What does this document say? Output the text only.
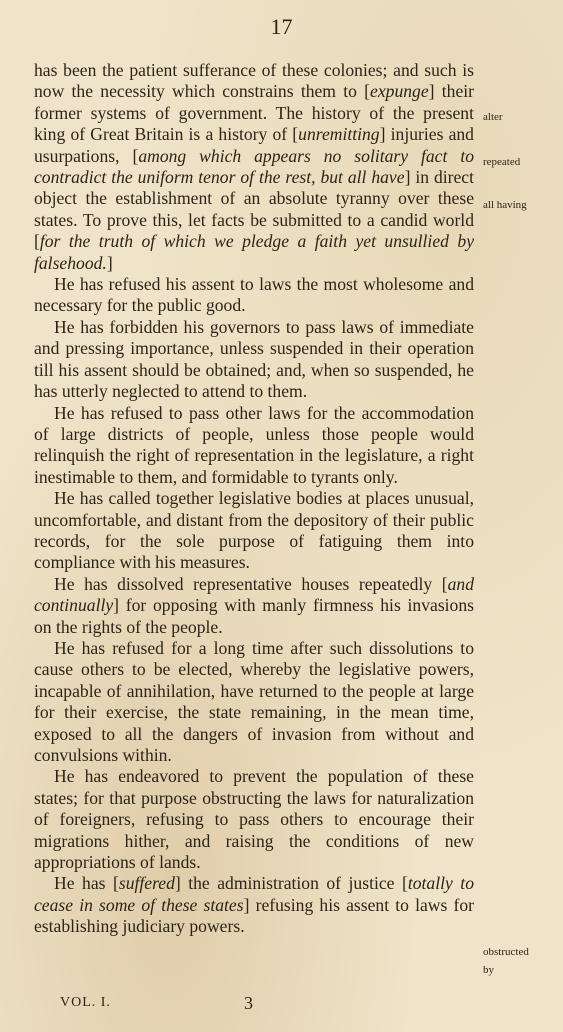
17

has been the patient sufferance of these colonies; and such is now the necessity which constrains them to [expunge] their former systems of government. The history of the present king of Great Britain is a history of [unremitting] injuries and usurpations, [among which appears no solitary fact to contradict the uniform tenor of the rest, but all have] in direct object the establishment of an absolute tyranny over these states. To prove this, let facts be submitted to a candid world [for the truth of which we pledge a faith yet unsullied by falsehood.]

He has refused his assent to laws the most wholesome and necessary for the public good.

He has forbidden his governors to pass laws of immediate and pressing importance, unless suspended in their operation till his assent should be obtained; and, when so suspended, he has utterly neglected to attend to them.

He has refused to pass other laws for the accommodation of large districts of people, unless those people would relinquish the right of representation in the legislature, a right inestimable to them, and formidable to tyrants only.

He has called together legislative bodies at places unusual, uncomfortable, and distant from the depository of their public records, for the sole purpose of fatiguing them into compliance with his measures.

He has dissolved representative houses repeatedly [and continually] for opposing with manly firmness his invasions on the rights of the people.

He has refused for a long time after such dissolutions to cause others to be elected, whereby the legislative powers, incapable of annihilation, have returned to the people at large for their exercise, the state remaining, in the mean time, exposed to all the dangers of invasion from without and convulsions within.

He has endeavored to prevent the population of these states; for that purpose obstructing the laws for naturalization of foreigners, refusing to pass others to encourage their migrations hither, and raising the conditions of new appropriations of lands.

He has [suffered] the administration of justice [totally to cease in some of these states] refusing his assent to laws for establishing judiciary powers.

alter
repeated
all having
obstructed
by
VOL. I.	3
